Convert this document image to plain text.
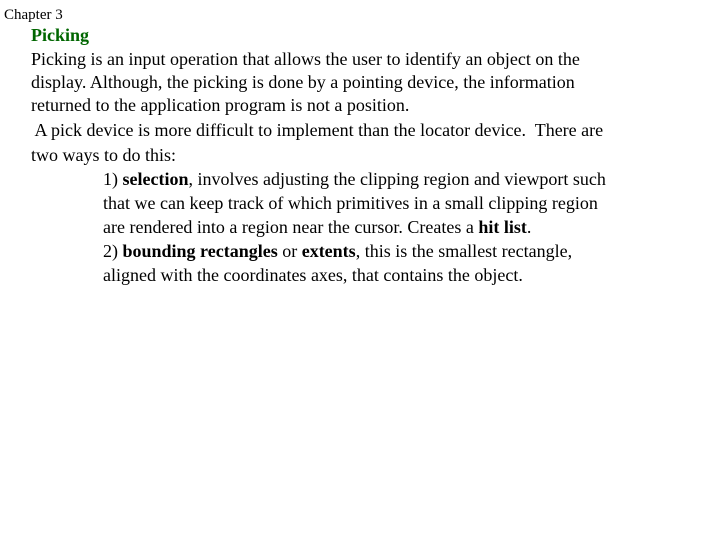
Chapter 3
Picking
Picking is an input operation that allows the user to identify an object on the
display. Although, the picking is done by a pointing device, the information
returned to the application program is not a position.
A pick device is more difficult to implement than the locator device.  There are
two ways to do this:
1) selection, involves adjusting the clipping region and viewport such
that we can keep track of which primitives in a small clipping region
are rendered into a region near the cursor. Creates a hit list.
2) bounding rectangles or extents, this is the smallest rectangle,
aligned with the coordinates axes, that contains the object.
